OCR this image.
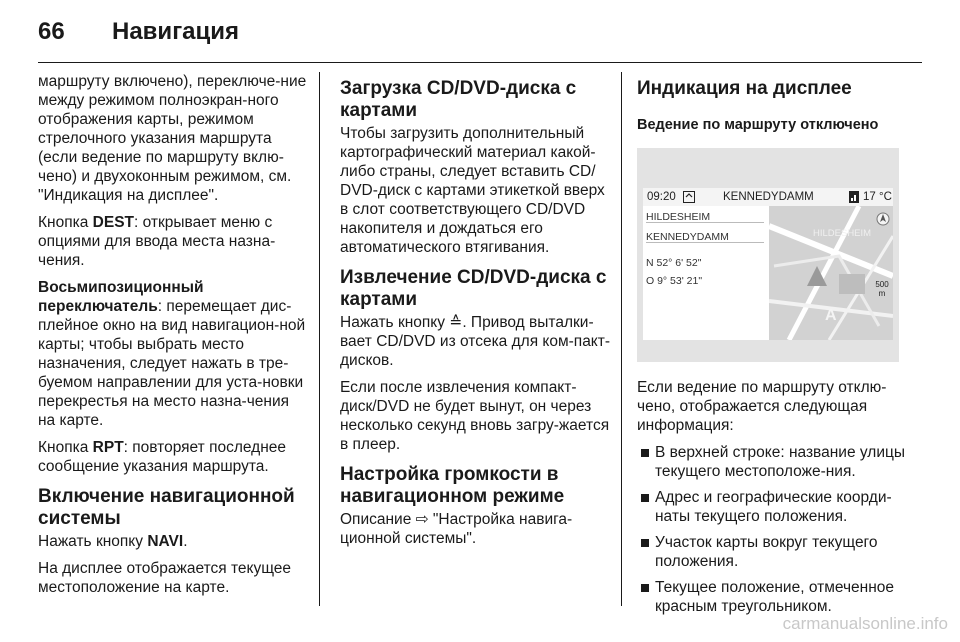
66 Навигация

маршруту включено), переключе-ние между режимом полноэкран-ного отображения карты, режимом стрелочного указания маршрута (если ведение по маршруту вклю-чено) и двухоконным режимом, см. "Индикация на дисплее".

Кнопка DEST: открывает меню с опциями для ввода места назна-чения.

Восьмипозиционный переключатель: перемещает дис-плейное окно на вид навигацион-ной карты; чтобы выбрать место назначения, следует нажать в тре-буемом направлении для уста-новки перекрестья на место назна-чения на карте.

Кнопка RPT: повторяет последнее сообщение указания маршрута.

Включение навигационной системы

Нажать кнопку NAVI.

На дисплее отображается текущее местоположение на карте.

Загрузка CD/DVD-диска с картами

Чтобы загрузить дополнительный картографический материал какой-либо страны, следует вставить CD/ DVD-диск с картами этикеткой вверх в слот соответствующего CD/DVD накопителя и дождаться его автоматического втягивания.

Извлечение CD/DVD-диска с картами

Нажать кнопку ≙. Привод выталки-вает CD/DVD из отсека для ком-пакт-дисков.

Если после извлечения компакт-диск/DVD не будет вынут, он через несколько секунд вновь загру-жается в плеер.

Настройка громкости в навигационном режиме

Описание ⇨ "Настройка навига-ционной системы".

Индикация на дисплее
Ведение по маршруту отключено
09:20	KENNEDYDAMM	17 °C
HILDESHEIM
KENNEDYDAMM
N 52° 6' 52"
O 9° 53' 21"
HILDESHEIM
A
500 m

Если ведение по маршруту отклю-чено, отображается следующая информация:

В верхней строке: название улицы текущего местоположе-ния.
Адрес и географические коорди-наты текущего положения.
Участок карты вокруг текущего положения.
Текущее положение, отмеченное красным треугольником.
carmanualsonline.info
